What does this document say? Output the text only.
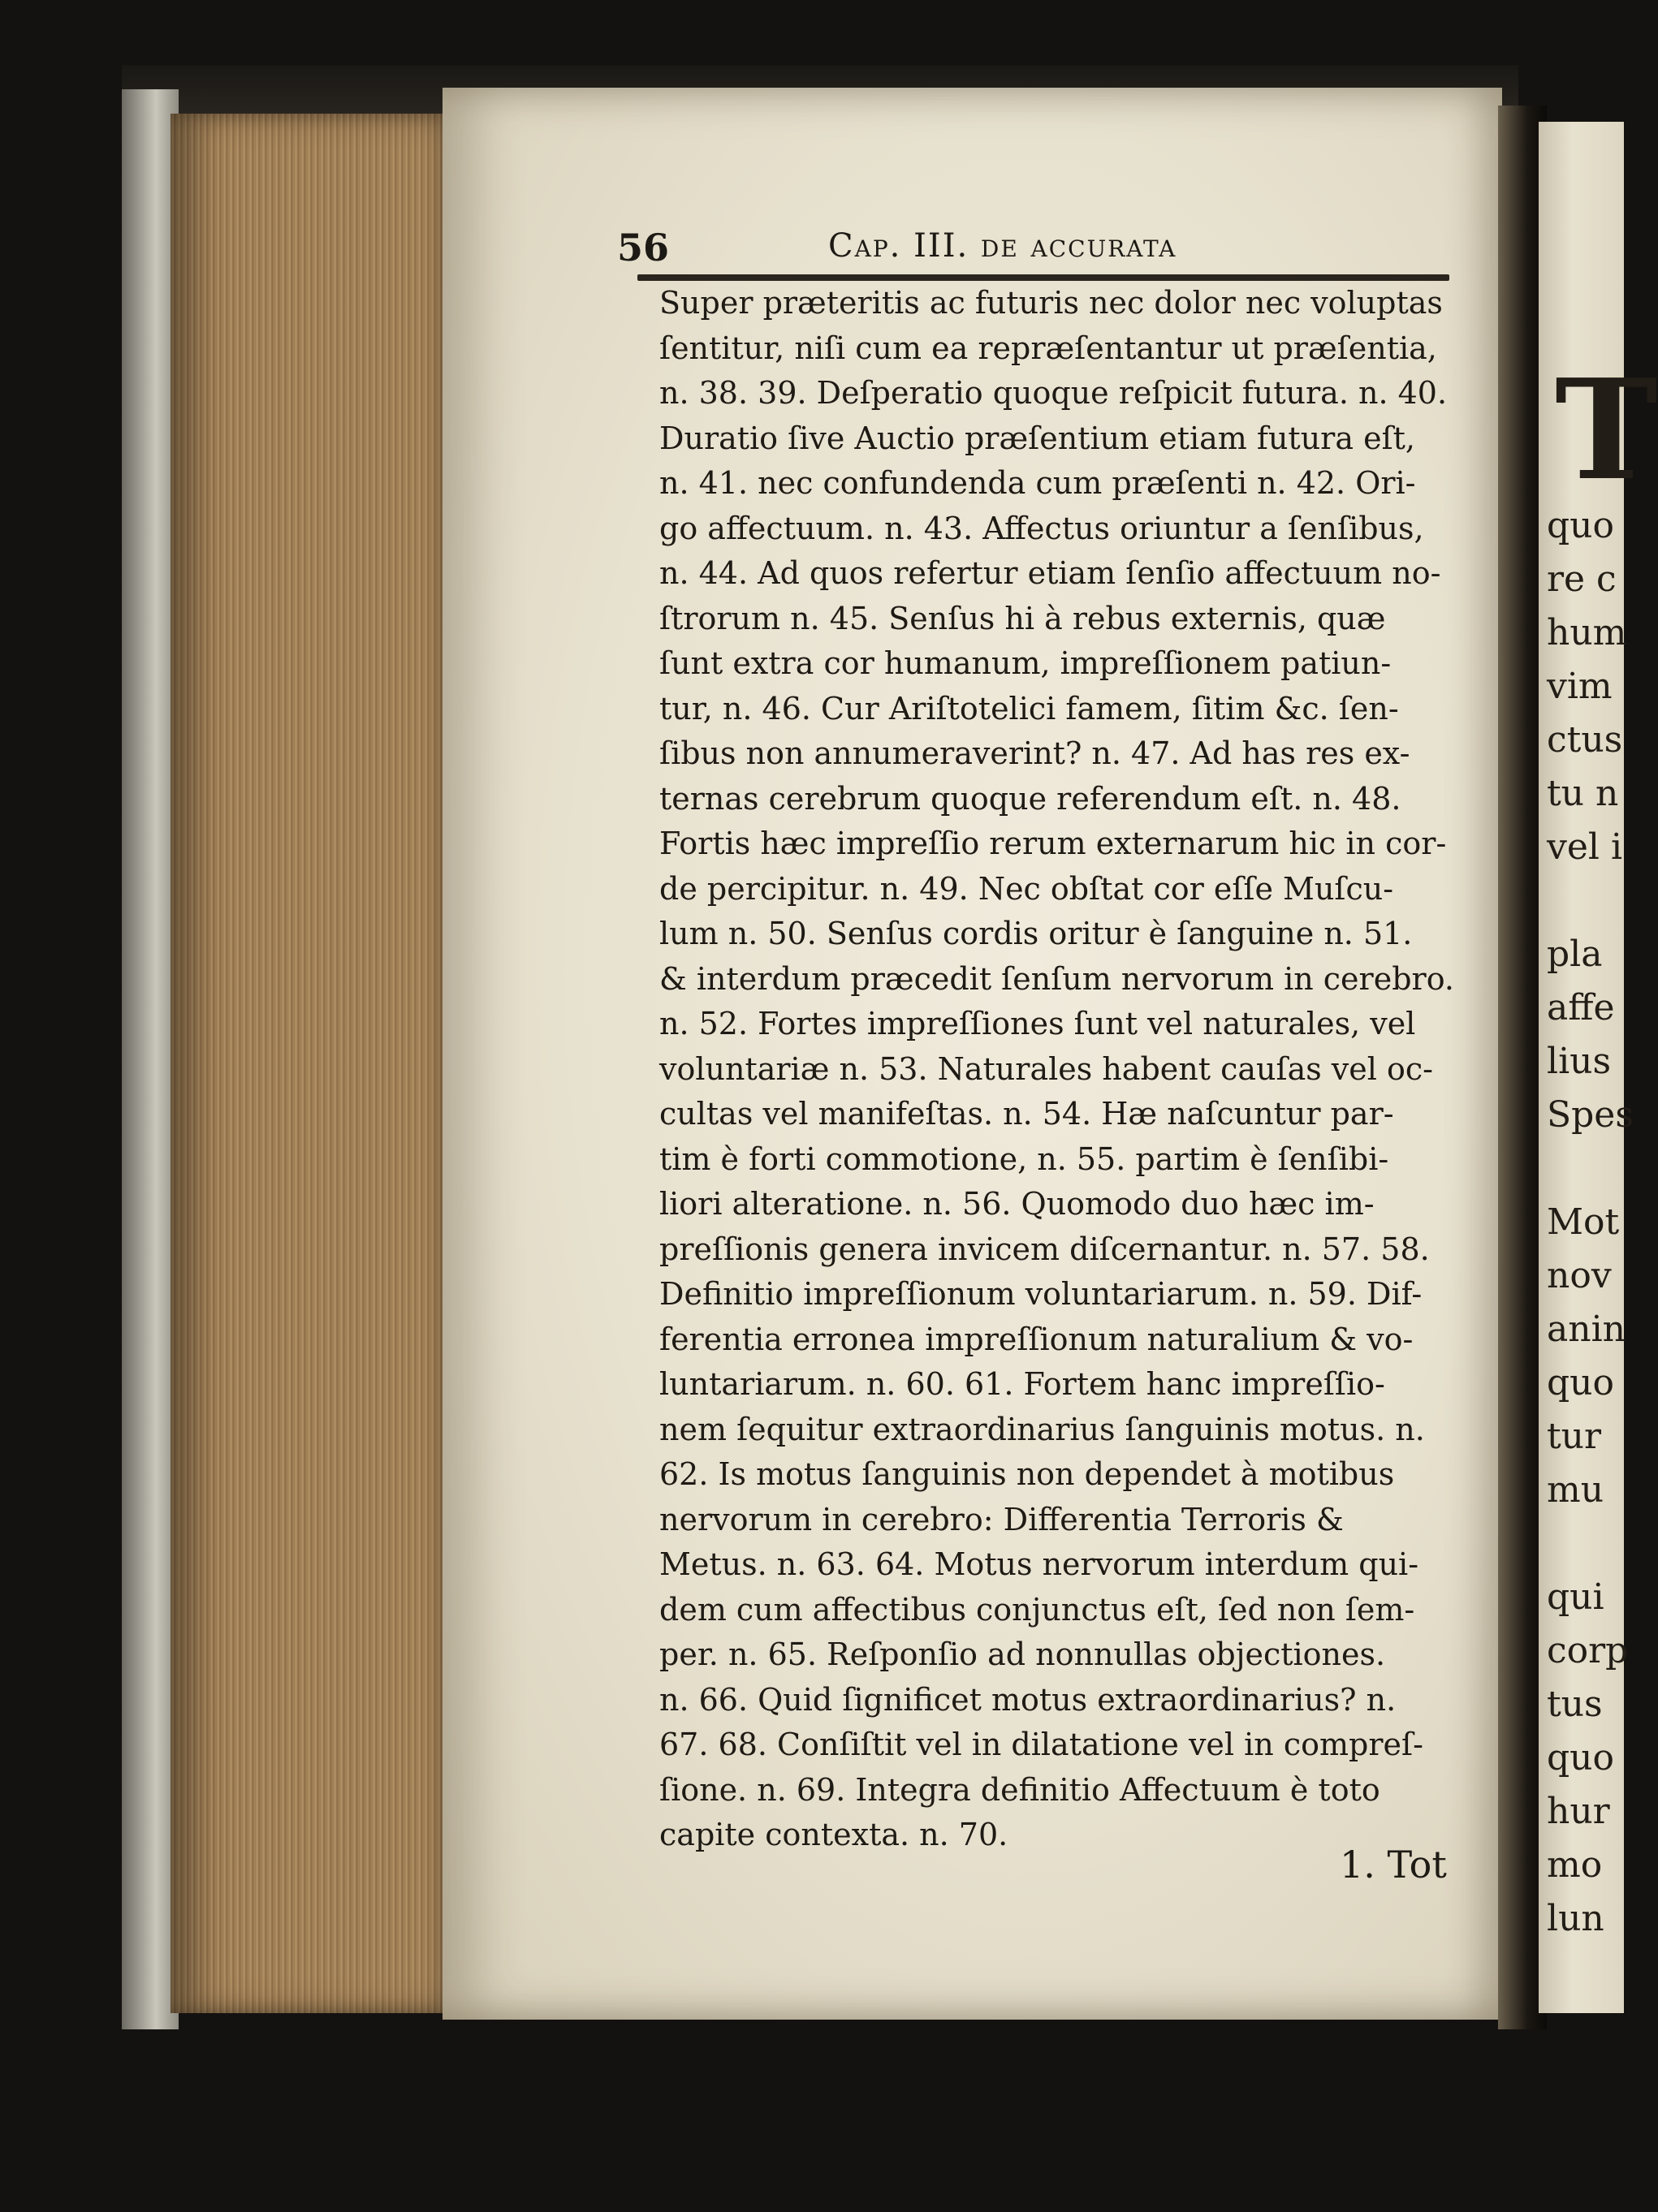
56	Cap. III. de accurata
Super præteritis ac futuris nec dolor nec voluptas
ſentitur, niſi cum ea repræſentantur ut præſentia,
n. 38. 39. Deſperatio quoque reſpicit futura. n. 40.
Duratio ſive Auctio præſentium etiam futura eſt,
n. 41. nec confundenda cum præſenti n. 42. Ori-
go affectuum. n. 43. Affectus oriuntur a ſenſibus,
n. 44. Ad quos refertur etiam ſenſio affectuum no-
ſtrorum n. 45. Senſus hi à rebus externis, quæ
ſunt extra cor humanum, impreſſionem patiun-
tur, n. 46. Cur Ariſtotelici famem, ſitim &c. ſen-
ſibus non annumeraverint? n. 47. Ad has res ex-
ternas cerebrum quoque referendum eſt. n. 48.
Fortis hæc impreſſio rerum externarum hic in cor-
de percipitur. n. 49. Nec obſtat cor eſſe Muſcu-
lum n. 50. Senſus cordis oritur è ſanguine n. 51.
& interdum præcedit ſenſum nervorum in cerebro.
n. 52. Fortes impreſſiones ſunt vel naturales, vel
voluntariæ n. 53. Naturales habent cauſas vel oc-
cultas vel manifeſtas. n. 54. Hæ naſcuntur par-
tim è forti commotione, n. 55. partim è ſenſibi-
liori alteratione. n. 56. Quomodo duo hæc im-
preſſionis genera invicem diſcernantur. n. 57. 58.
Definitio impreſſionum voluntariarum. n. 59. Dif-
ferentia erronea impreſſionum naturalium & vo-
luntariarum. n. 60. 61. Fortem hanc impreſſio-
nem ſequitur extraordinarius ſanguinis motus. n.
62. Is motus ſanguinis non dependet à motibus
nervorum in cerebro: Differentia Terroris &
Metus. n. 63. 64. Motus nervorum interdum qui-
dem cum affectibus conjunctus eſt, ſed non ſem-
per. n. 65. Reſponſio ad nonnullas objectiones.
n. 66. Quid ſignificet motus extraordinarius? n.
67. 68. Conſiſtit vel in dilatatione vel in compreſ-
ſione. n. 69. Integra definitio Affectuum è toto
capite contexta. n. 70.
1. Tot
T
quo
re c
hum
vim
ctus
tu n
vel i
pla
affe
lius
Spes
Mot
nov
anin
quo
tur
mu
qui
corp
tus
quo
hur
mo
lun
